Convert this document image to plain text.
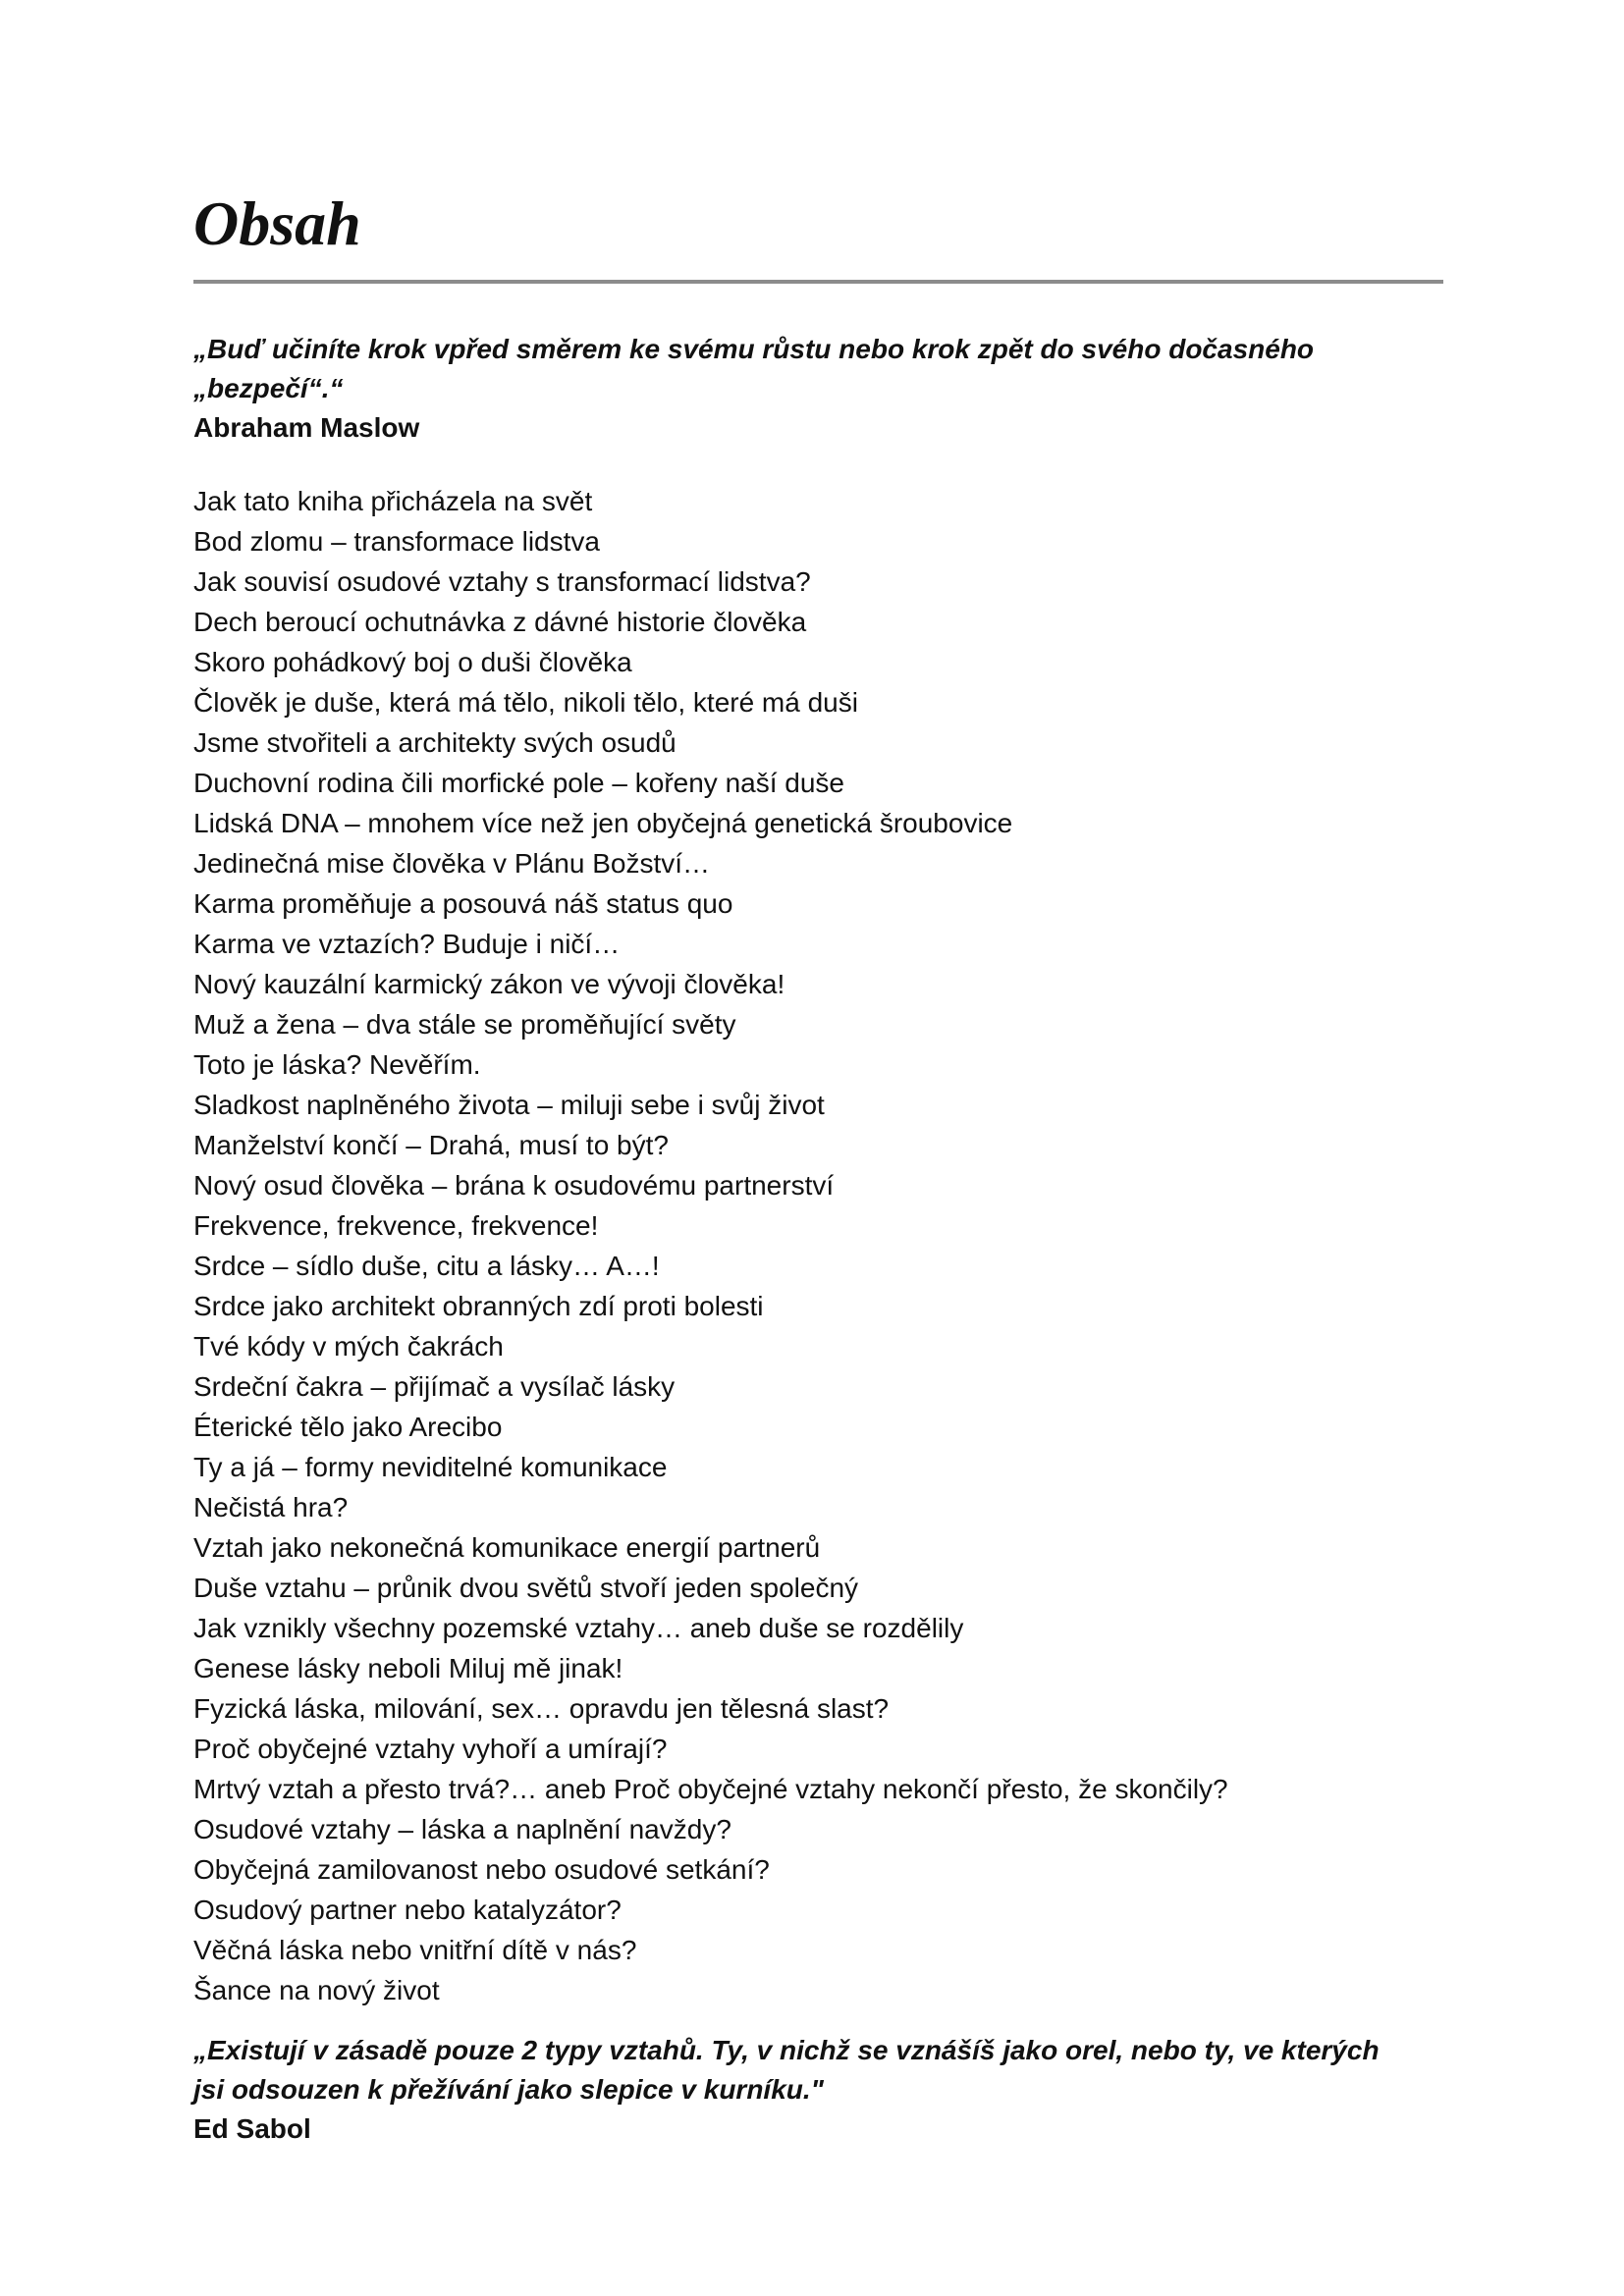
Obsah
„Buď učiníte krok vpřed směrem ke svému růstu nebo krok zpět do svého dočasného
„bezpečí“.“
Abraham Maslow
Jak tato kniha přicházela na svět
Bod zlomu – transformace lidstva
Jak souvisí osudové vztahy s transformací lidstva?
Dech beroucí ochutnávka z dávné historie člověka
Skoro pohádkový boj o duši člověka
Člověk je duše, která má tělo, nikoli tělo, které má duši
Jsme stvořiteli a architekty svých osudů
Duchovní rodina čili morfické pole – kořeny naší duše
Lidská DNA – mnohem více než jen obyčejná genetická šroubovice
Jedinečná mise člověka v Plánu Božství…
Karma proměňuje a posouvá náš status quo
Karma ve vztazích? Buduje i ničí…
Nový kauzální karmický zákon ve vývoji člověka!
Muž a žena – dva stále se proměňující světy
Toto je láska? Nevěřím.
Sladkost naplněného života – miluji sebe i svůj život
Manželství končí – Drahá, musí to být?
Nový osud člověka – brána k osudovému partnerství
Frekvence, frekvence, frekvence!
Srdce – sídlo duše, citu a lásky… A…!
Srdce jako architekt obranných zdí proti bolesti
Tvé kódy v mých čakrách
Srdeční čakra – přijímač a vysílač lásky
Éterické tělo jako Arecibo
Ty a já – formy neviditelné komunikace
Nečistá hra?
Vztah jako nekonečná komunikace energií partnerů
Duše vztahu – průnik dvou světů stvoří jeden společný
Jak vznikly všechny pozemské vztahy… aneb duše se rozdělily
Genese lásky neboli Miluj mě jinak!
Fyzická láska, milování, sex… opravdu jen tělesná slast?
Proč obyčejné vztahy vyhoří a umírají?
Mrtvý vztah a přesto trvá?… aneb Proč obyčejné vztahy nekončí přesto, že skončily?
Osudové vztahy – láska a naplnění navždy?
Obyčejná zamilovanost nebo osudové setkání?
Osudový partner nebo katalyzátor?
Věčná láska nebo vnitřní dítě v nás?
Šance na nový život
„Existují v zásadě pouze 2 typy vztahů. Ty, v nichž se vznášíš jako orel, nebo ty, ve kterých
jsi odsouzen k přežívání jako slepice v kurníku."
Ed Sabol
